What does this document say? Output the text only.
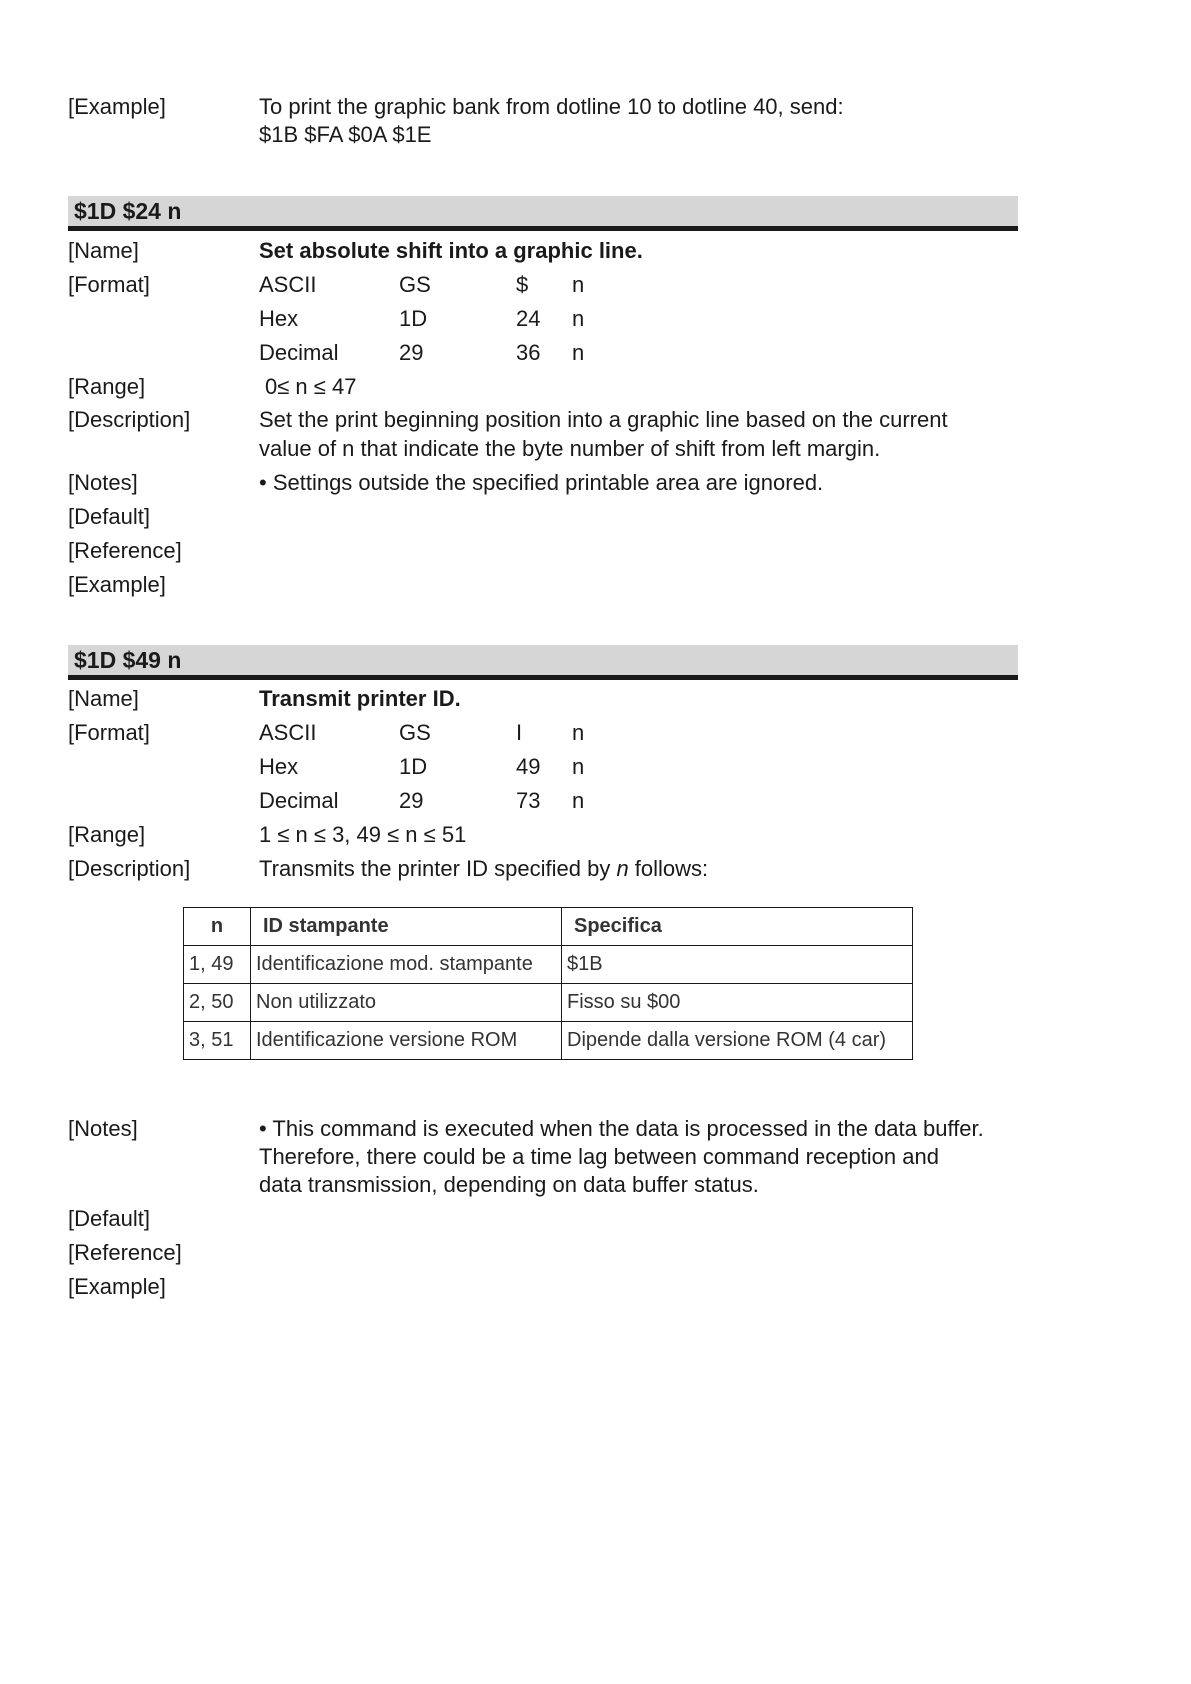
[Example]	To print the graphic bank from dotline 10 to dotline 40, send:
$1B $FA $0A $1E
$1D $24 n
[Name]	Set absolute shift into a graphic line.
[Format]	ASCII	GS	$ n
Hex	1D	24 n
Decimal	29	36 n
[Range]	0≤ n ≤ 47
[Description]	Set the print beginning position into a graphic line based on the current
value of n that indicate the byte number of shift from left margin.
[Notes]	• Settings outside the specified printable area are ignored.
[Default]
[Reference]
[Example]
$1D $49 n
[Name]	Transmit printer ID.
[Format]	ASCII	GS	I n
Hex	1D	49 n
Decimal	29	73 n
[Range]	1 ≤ n ≤ 3, 49 ≤ n ≤ 51
[Description]	Transmits the printer ID specified by n follows:
n	ID stampante	Specifica
1, 49	Identificazione mod. stampante	$1B
2, 50	Non utilizzato	Fisso su $00
3, 51	Identificazione versione ROM	Dipende dalla versione ROM (4 car)
[Notes]	• This command is executed when the data is processed in the data buffer.
Therefore, there could be a time lag between command reception and
data transmission, depending on data buffer status.
[Default]
[Reference]
[Example]
